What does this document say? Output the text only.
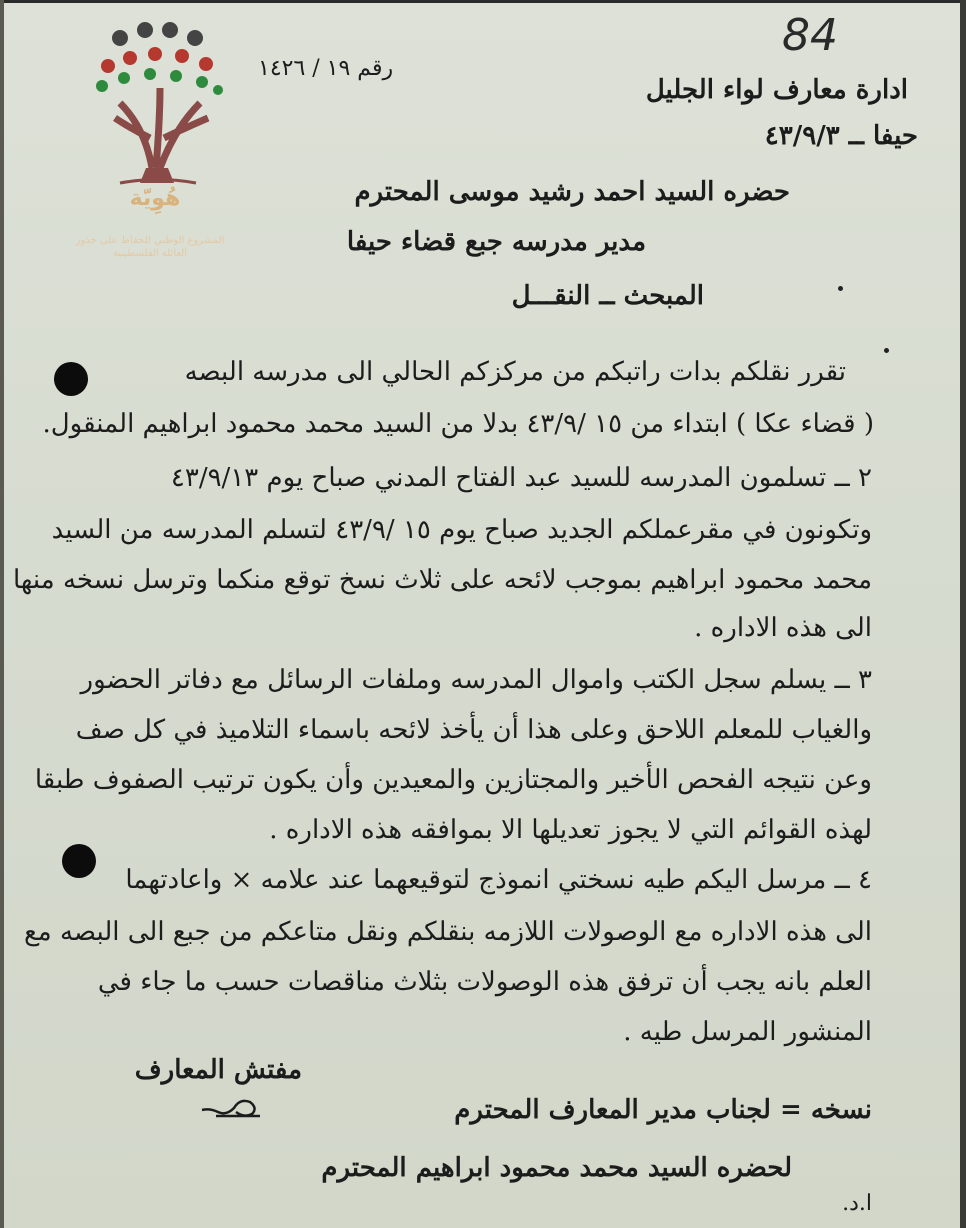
هُوِيّة
المشروع الوطني للحفاظ على جذور العائلة الفلسطينية
84
رقم ١٩ / ١٤٢٦
ادارة معارف لواء الجليل
حيفا ــ ٤٣/٩/٣
حضره السيد احمد رشيد موسى المحترم
مدير مدرسه جبع قضاء حيفا
المبحث ــ النقـــل
تقرر نقلكم بدات راتبكم من مركزكم الحالي الى مدرسه البصه
( قضاء عكا ) ابتداء من ١٥ /٤٣/٩ بدلا من السيد محمد محمود ابراهيم المنقول.
٢ ــ تسلمون المدرسه للسيد عبد الفتاح المدني صباح يوم ٤٣/٩/١٣
وتكونون في مقرعملكم الجديد صباح يوم ١٥ /٤٣/٩ لتسلم المدرسه من السيد
محمد محمود ابراهيم بموجب لائحه على ثلاث نسخ توقع منكما وترسل نسخه منها
الى هذه الاداره .
٣ ــ يسلم سجل الكتب واموال المدرسه وملفات الرسائل مع دفاتر الحضور
والغياب للمعلم اللاحق وعلى هذا أن يأخذ لائحه باسماء التلاميذ في كل صف
وعن نتيجه الفحص الأخير والمجتازين والمعيدين وأن يكون ترتيب الصفوف طبقا
لهذه القوائم التي لا يجوز تعديلها الا بموافقه هذه الاداره .
٤ ــ مرسل اليكم طيه نسختي انموذج لتوقيعهما عند علامه × واعادتهما
الى هذه الاداره مع الوصولات اللازمه بنقلكم ونقل متاعكم من جبع الى البصه مع
العلم بانه يجب أن ترفق هذه الوصولات بثلاث مناقصات حسب ما جاء في
المنشور المرسل طيه .
مفتش المعارف
نسخه = لجناب مدير المعارف المحترم
لحضره السيد محمد محمود ابراهيم المحترم
ا.د.
